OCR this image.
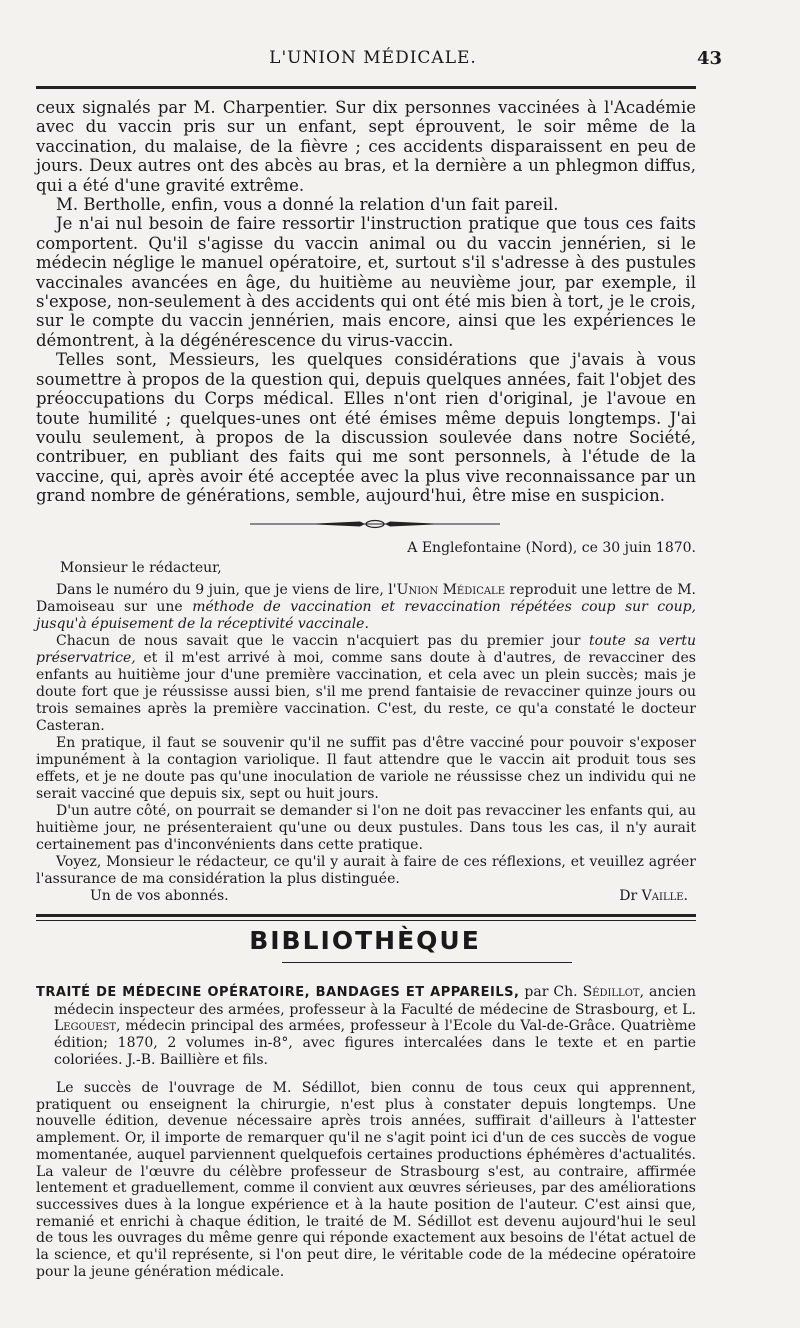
L'UNION MÉDICALE.	43

ceux signalés par M. Charpentier. Sur dix personnes vaccinées à l'Académie avec du vaccin pris sur un enfant, sept éprouvent, le soir même de la vaccination, du malaise, de la fièvre ; ces accidents disparaissent en peu de jours. Deux autres ont des abcès au bras, et la dernière a un phlegmon diffus, qui a été d'une gravité extrême.

M. Bertholle, enfin, vous a donné la relation d'un fait pareil.

Je n'ai nul besoin de faire ressortir l'instruction pratique que tous ces faits comportent. Qu'il s'agisse du vaccin animal ou du vaccin jennérien, si le médecin néglige le manuel opératoire, et, surtout s'il s'adresse à des pustules vaccinales avancées en âge, du huitième au neuvième jour, par exemple, il s'expose, non-seulement à des accidents qui ont été mis bien à tort, je le crois, sur le compte du vaccin jennérien, mais encore, ainsi que les expériences le démontrent, à la dégénérescence du virus-vaccin.

Telles sont, Messieurs, les quelques considérations que j'avais à vous soumettre à propos de la question qui, depuis quelques années, fait l'objet des préoccupations du Corps médical. Elles n'ont rien d'original, je l'avoue en toute humilité ; quelques-unes ont été émises même depuis longtemps. J'ai voulu seulement, à propos de la discussion soulevée dans notre Société, contribuer, en publiant des faits qui me sont personnels, à l'étude de la vaccine, qui, après avoir été acceptée avec la plus vive reconnaissance par un grand nombre de générations, semble, aujourd'hui, être mise en suspicion.

A Englefontaine (Nord), ce 30 juin 1870.
Monsieur le rédacteur,

Dans le numéro du 9 juin, que je viens de lire, l'Union Médicale reproduit une lettre de M. Damoiseau sur une méthode de vaccination et revaccination répétées coup sur coup, jusqu'à épuisement de la réceptivité vaccinale.

Chacun de nous savait que le vaccin n'acquiert pas du premier jour toute sa vertu préservatrice, et il m'est arrivé à moi, comme sans doute à d'autres, de revacciner des enfants au huitième jour d'une première vaccination, et cela avec un plein succès; mais je doute fort que je réussisse aussi bien, s'il me prend fantaisie de revacciner quinze jours ou trois semaines après la première vaccination. C'est, du reste, ce qu'a constaté le docteur Casteran.

En pratique, il faut se souvenir qu'il ne suffit pas d'être vacciné pour pouvoir s'exposer impunément à la contagion variolique. Il faut attendre que le vaccin ait produit tous ses effets, et je ne doute pas qu'une inoculation de variole ne réussisse chez un individu qui ne serait vacciné que depuis six, sept ou huit jours.

D'un autre côté, on pourrait se demander si l'on ne doit pas revacciner les enfants qui, au huitième jour, ne présenteraient qu'une ou deux pustules. Dans tous les cas, il n'y aurait certainement pas d'inconvénients dans cette pratique.

Voyez, Monsieur le rédacteur, ce qu'il y aurait à faire de ces réflexions, et veuillez agréer l'assurance de ma considération la plus distinguée.

Un de vos abonnés.	Dr Vaille.
BIBLIOTHÈQUE

TRAITÉ DE MÉDECINE OPÉRATOIRE, BANDAGES ET APPAREILS, par Ch. Sédillot, ancien médecin inspecteur des armées, professeur à la Faculté de médecine de Strasbourg, et L. Legouest, médecin principal des armées, professeur à l'Ecole du Val-de-Grâce. Quatrième édition; 1870, 2 volumes in-8°, avec figures intercalées dans le texte et en partie coloriées. J.-B. Baillière et fils.

Le succès de l'ouvrage de M. Sédillot, bien connu de tous ceux qui apprennent, pratiquent ou enseignent la chirurgie, n'est plus à constater depuis longtemps. Une nouvelle édition, devenue nécessaire après trois années, suffirait d'ailleurs à l'attester amplement. Or, il importe de remarquer qu'il ne s'agit point ici d'un de ces succès de vogue momentanée, auquel parviennent quelquefois certaines productions éphémères d'actualités. La valeur de l'œuvre du célèbre professeur de Strasbourg s'est, au contraire, affirmée lentement et graduellement, comme il convient aux œuvres sérieuses, par des améliorations successives dues à la longue expérience et à la haute position de l'auteur. C'est ainsi que, remanié et enrichi à chaque édition, le traité de M. Sédillot est devenu aujourd'hui le seul de tous les ouvrages du même genre qui réponde exactement aux besoins de l'état actuel de la science, et qu'il représente, si l'on peut dire, le véritable code de la médecine opératoire pour la jeune génération médicale.
